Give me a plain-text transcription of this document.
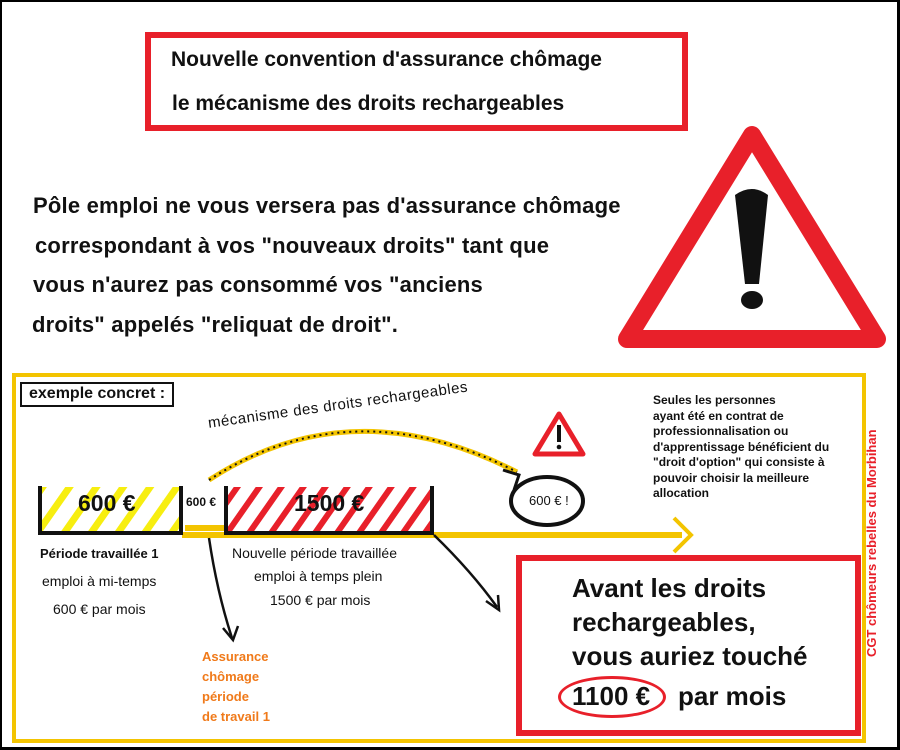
Nouvelle convention d'assurance chômage
le mécanisme des droits rechargeables
Pôle emploi ne vous versera pas d'assurance chômage
correspondant à vos "nouveaux droits" tant que
vous n'aurez pas consommé vos "anciens
droits" appelés "reliquat de droit".
exemple concret :	mécanisme des droits rechargeables
600 €	600 €	1500 €	600 € !
Période travaillée 1
emploi à mi-temps
600 € par mois
Nouvelle période travaillée
emploi à temps plein
1500 € par mois
Assurance
chômage
période
de travail 1
Seules les personnes
ayant été en contrat de
professionnalisation ou
d'apprentissage bénéficient du
"droit d'option" qui consiste à
pouvoir choisir la meilleure
allocation
Avant les droits
rechargeables,
vous auriez touché
1100 € par mois
CGT chômeurs rebelles du Morbihan
